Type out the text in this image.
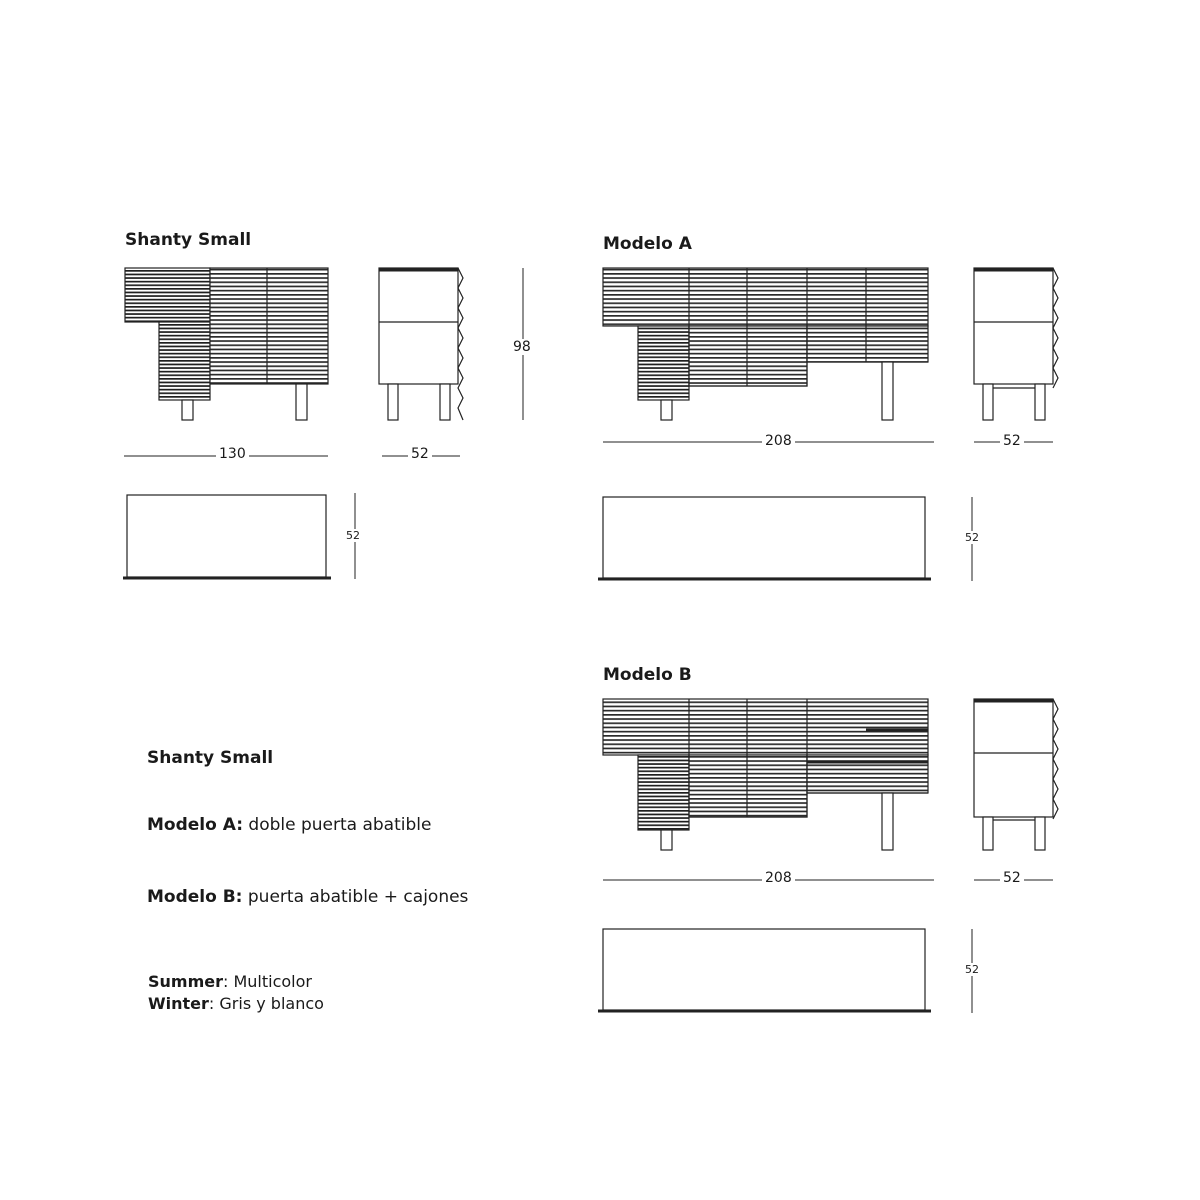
Shanty Small	Modelo A
Modelo B
130	52
98
52
208	52
52
208	52
52
Shanty Small
Modelo A: doble puerta abatible
Modelo B: puerta abatible + cajones
Summer: Multicolor
Winter: Gris y blanco
